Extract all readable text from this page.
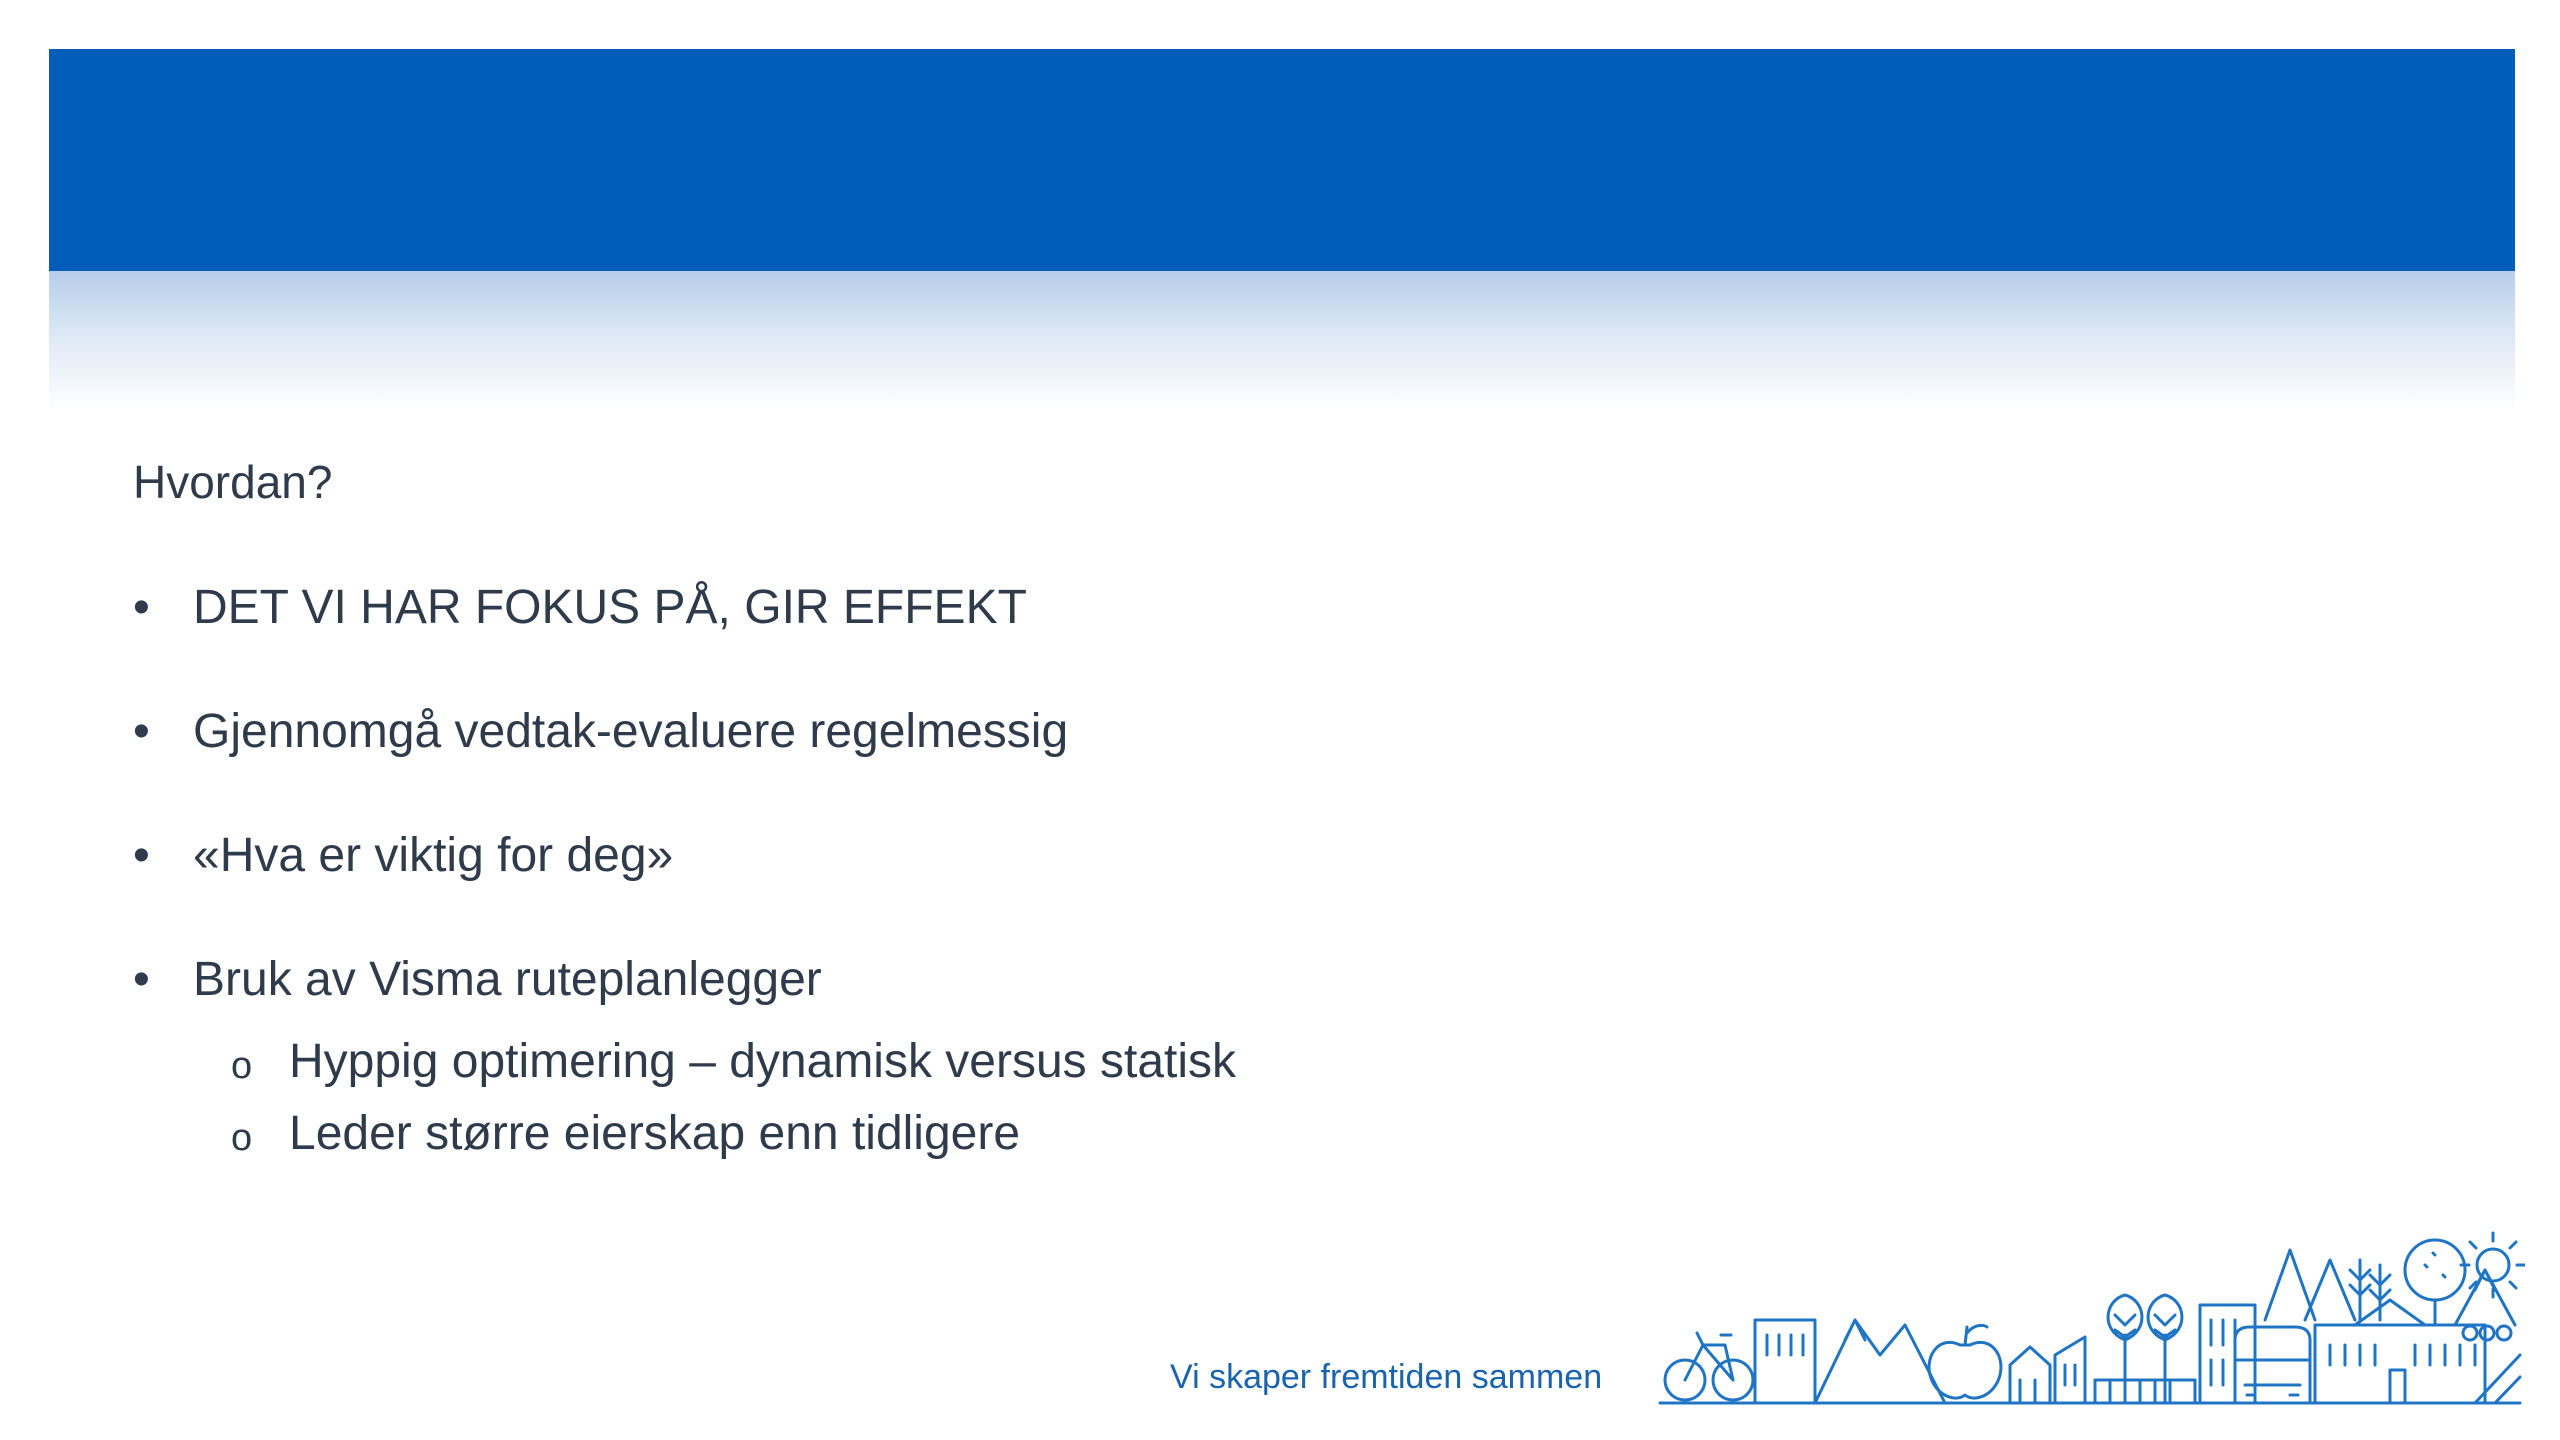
Hvordan?
• DET VI HAR FOKUS PÅ, GIR EFFEKT
• Gjennomgå vedtak-evaluere regelmessig
• «Hva er viktig for deg»
• Bruk av Visma ruteplanlegger
o Hyppig optimering – dynamisk versus statisk
o Leder større eierskap enn tidligere
Vi skaper fremtiden sammen
